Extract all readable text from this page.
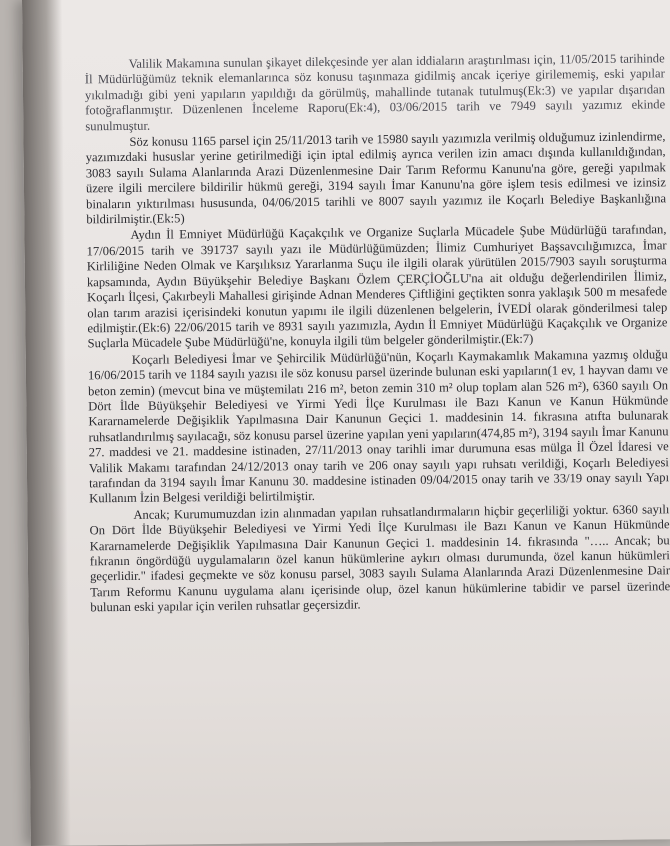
Valilik Makamına sunulan şikayet dilekçesinde yer alan iddiaların araştırılması için, 11/05/2015 tarihinde İl Müdürlüğümüz teknik elemanlarınca söz konusu taşınmaza gidilmiş ancak içeriye girilememiş, eski yapılar yıkılmadığı gibi yeni yapıların yapıldığı da görülmüş, mahallinde tutanak tutulmuş(Ek:3) ve yapılar dışarıdan fotoğraflanmıştır. Düzenlenen İnceleme Raporu(Ek:4), 03/06/2015 tarih ve 7949 sayılı yazımız ekinde sunulmuştur.

Söz konusu 1165 parsel için 25/11/2013 tarih ve 15980 sayılı yazımızla verilmiş olduğumuz izinlendirme, yazımızdaki hususlar yerine getirilmediği için iptal edilmiş ayrıca verilen izin amacı dışında kullanıldığından, 3083 sayılı Sulama Alanlarında Arazi Düzenlenmesine Dair Tarım Reformu Kanunu'na göre, gereği yapılmak üzere ilgili mercilere bildirilir hükmü gereği, 3194 sayılı İmar Kanunu'na göre işlem tesis edilmesi ve izinsiz binaların yıktırılması hususunda, 04/06/2015 tarihli ve 8007 sayılı yazımız ile Koçarlı Belediye Başkanlığına bildirilmiştir.(Ek:5)

Aydın İl Emniyet Müdürlüğü Kaçakçılık ve Organize Suçlarla Mücadele Şube Müdürlüğü tarafından, 17/06/2015 tarih ve 391737 sayılı yazı ile Müdürlüğümüzden; İlimiz Cumhuriyet Başsavcılığımızca, İmar Kirliliğine Neden Olmak ve Karşılıksız Yararlanma Suçu ile ilgili olarak yürütülen 2015/7903 sayılı soruşturma kapsamında, Aydın Büyükşehir Belediye Başkanı Özlem ÇERÇİOĞLU'na ait olduğu değerlendirilen İlimiz, Koçarlı İlçesi, Çakırbeyli Mahallesi girişinde Adnan Menderes Çiftliğini geçtikten sonra yaklaşık 500 m mesafede olan tarım arazisi içerisindeki konutun yapımı ile ilgili düzenlenen belgelerin, İVEDİ olarak gönderilmesi talep edilmiştir.(Ek:6) 22/06/2015 tarih ve 8931 sayılı yazımızla, Aydın İl Emniyet Müdürlüğü Kaçakçılık ve Organize Suçlarla Mücadele Şube Müdürlüğü'ne, konuyla ilgili tüm belgeler gönderilmiştir.(Ek:7)

Koçarlı Belediyesi İmar ve Şehircilik Müdürlüğü'nün, Koçarlı Kaymakamlık Makamına yazmış olduğu 16/06/2015 tarih ve 1184 sayılı yazısı ile söz konusu parsel üzerinde bulunan eski yapıların(1 ev, 1 hayvan damı ve beton zemin) (mevcut bina ve müştemilatı 216 m², beton zemin 310 m² olup toplam alan 526 m²), 6360 sayılı On Dört İlde Büyükşehir Belediyesi ve Yirmi Yedi İlçe Kurulması ile Bazı Kanun ve Kanun Hükmünde Kararnamelerde Değişiklik Yapılmasına Dair Kanunun Geçici 1. maddesinin 14. fıkrasına atıfta bulunarak ruhsatlandırılmış sayılacağı, söz konusu parsel üzerine yapılan yeni yapıların(474,85 m²), 3194 sayılı İmar Kanunu 27. maddesi ve 21. maddesine istinaden, 27/11/2013 onay tarihli imar durumuna esas mülga İl Özel İdaresi ve Valilik Makamı tarafından 24/12/2013 onay tarih ve 206 onay sayılı yapı ruhsatı verildiği, Koçarlı Belediyesi tarafından da 3194 sayılı İmar Kanunu 30. maddesine istinaden 09/04/2015 onay tarih ve 33/19 onay sayılı Yapı Kullanım İzin Belgesi verildiği belirtilmiştir.

Ancak; Kurumumuzdan izin alınmadan yapılan ruhsatlandırmaların hiçbir geçerliliği yoktur. 6360 sayılı On Dört İlde Büyükşehir Belediyesi ve Yirmi Yedi İlçe Kurulması ile Bazı Kanun ve Kanun Hükmünde Kararnamelerde Değişiklik Yapılmasına Dair Kanunun Geçici 1. maddesinin 14. fıkrasında "….. Ancak; bu fıkranın öngördüğü uygulamaların özel kanun hükümlerine aykırı olması durumunda, özel kanun hükümleri geçerlidir." ifadesi geçmekte ve söz konusu parsel, 3083 sayılı Sulama Alanlarında Arazi Düzenlenmesine Dair Tarım Reformu Kanunu uygulama alanı içerisinde olup, özel kanun hükümlerine tabidir ve parsel üzerinde bulunan eski yapılar için verilen ruhsatlar geçersizdir.
